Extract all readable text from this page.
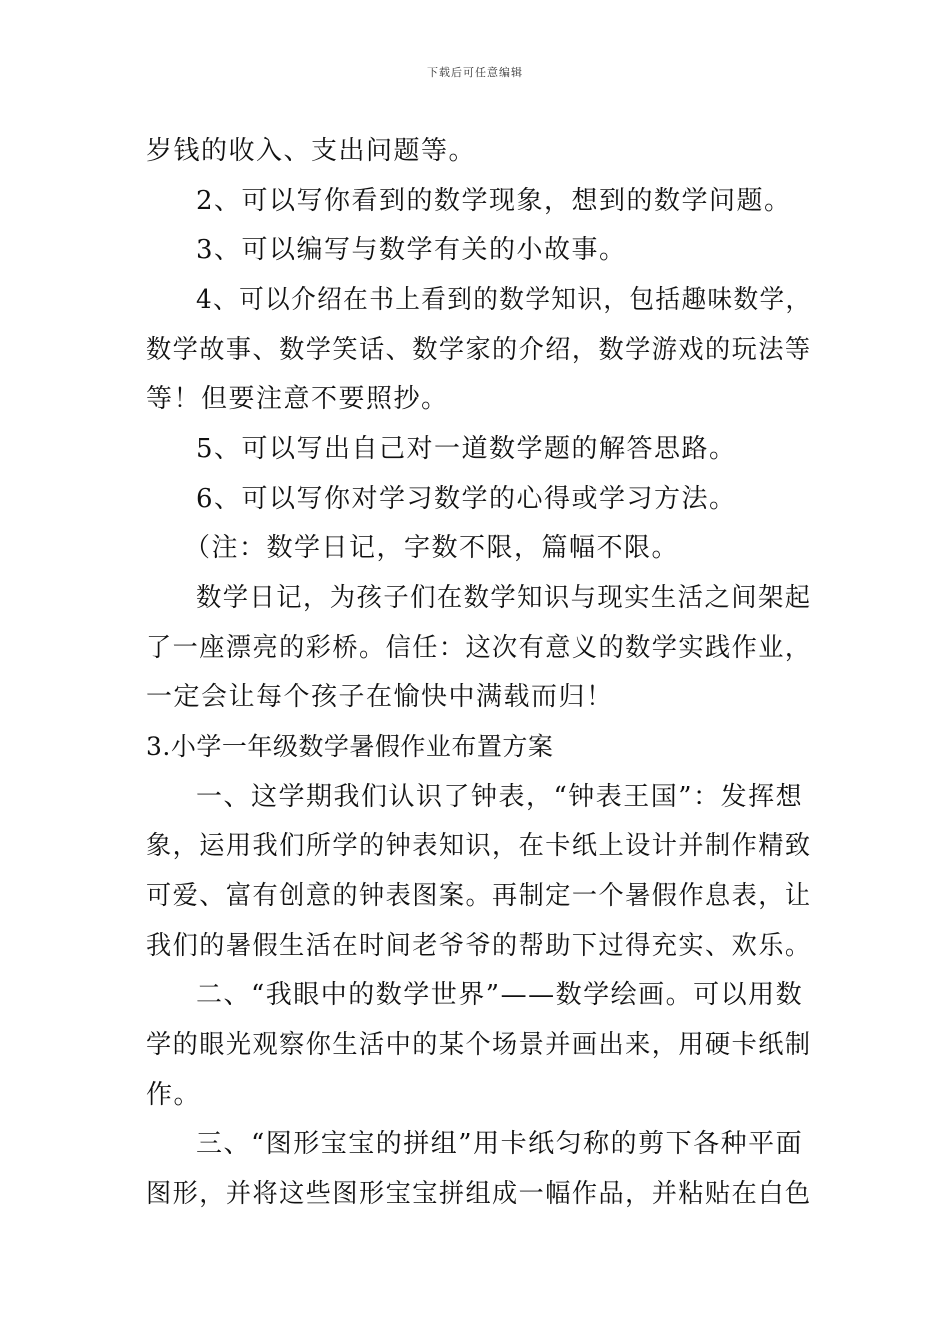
下载后可任意编辑
岁钱的收入、支出问题等。
2、可以写你看到的数学现象，想到的数学问题。
3、可以编写与数学有关的小故事。
4、可以介绍在书上看到的数学知识，包括趣味数学，
数学故事、数学笑话、数学家的介绍，数学游戏的玩法等
等！但要注意不要照抄。
5、可以写出自己对一道数学题的解答思路。
6、可以写你对学习数学的心得或学习方法。
（注：数学日记，字数不限，篇幅不限。
数学日记，为孩子们在数学知识与现实生活之间架起
了一座漂亮的彩桥。信任：这次有意义的数学实践作业，
一定会让每个孩子在愉快中满载而归！
3.小学一年级数学暑假作业布置方案
一、这学期我们认识了钟表，“钟表王国”：发挥想
象，运用我们所学的钟表知识，在卡纸上设计并制作精致
可爱、富有创意的钟表图案。再制定一个暑假作息表，让
我们的暑假生活在时间老爷爷的帮助下过得充实、欢乐。
二、“我眼中的数学世界”——数学绘画。可以用数
学的眼光观察你生活中的某个场景并画出来，用硬卡纸制
作。
三、“图形宝宝的拼组”用卡纸匀称的剪下各种平面
图形，并将这些图形宝宝拼组成一幅作品，并粘贴在白色
